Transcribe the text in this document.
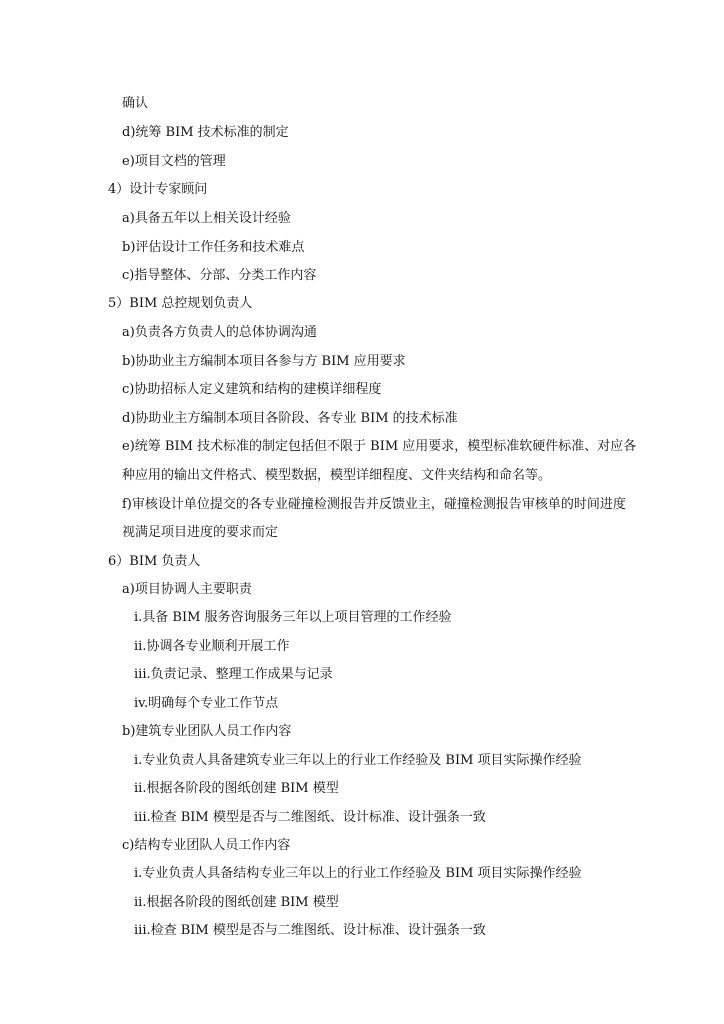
确认
d)统筹 BIM 技术标准的制定
e)项目文档的管理
4）设计专家顾问
a)具备五年以上相关设计经验
b)评估设计工作任务和技术难点
c)指导整体、分部、分类工作内容
5）BIM 总控规划负责人
a)负责各方负责人的总体协调沟通
b)协助业主方编制本项目各参与方 BIM 应用要求
c)协助招标人定义建筑和结构的建模详细程度
d)协助业主方编制本项目各阶段、各专业 BIM 的技术标准
e)统筹 BIM 技术标准的制定包括但不限于 BIM 应用要求，模型标准软硬件标准、对应各
种应用的输出文件格式、模型数据，模型详细程度、文件夹结构和命名等。
f)审核设计单位提交的各专业碰撞检测报告并反馈业主，碰撞检测报告审核单的时间进度
视满足项目进度的要求而定
6）BIM 负责人
a)项目协调人主要职责
i.具备 BIM 服务咨询服务三年以上项目管理的工作经验
ii.协调各专业顺利开展工作
iii.负责记录、整理工作成果与记录
iv.明确每个专业工作节点
b)建筑专业团队人员工作内容
i.专业负责人具备建筑专业三年以上的行业工作经验及 BIM 项目实际操作经验
ii.根据各阶段的图纸创建 BIM 模型
iii.检查 BIM 模型是否与二维图纸、设计标准、设计强条一致
c)结构专业团队人员工作内容
i.专业负责人具备结构专业三年以上的行业工作经验及 BIM 项目实际操作经验
ii.根据各阶段的图纸创建 BIM 模型
iii.检查 BIM 模型是否与二维图纸、设计标准、设计强条一致
